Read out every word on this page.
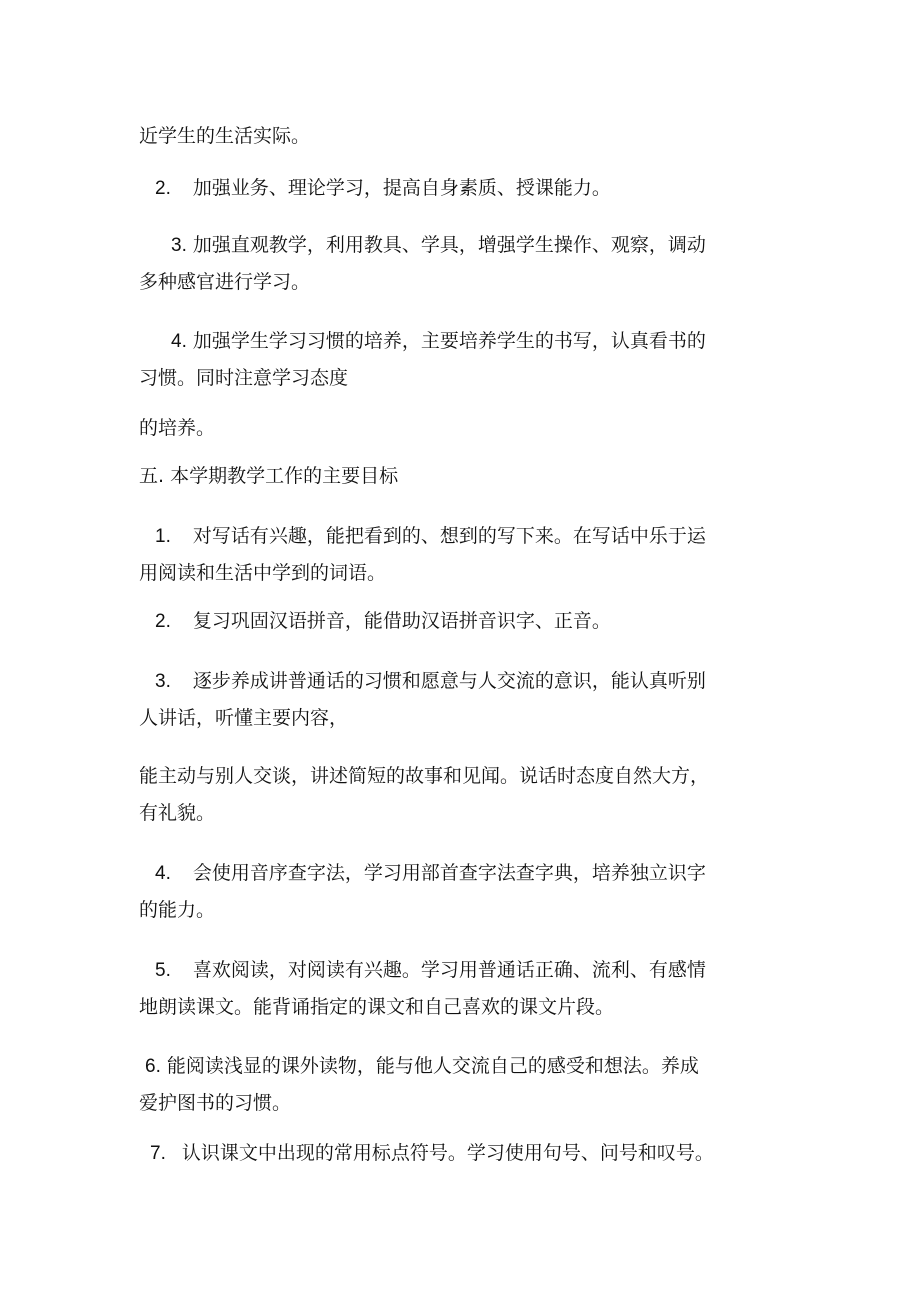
近学生的生活实际。
2. 加强业务、理论学习，提高自身素质、授课能力。
3. 加强直观教学，利用教具、学具，增强学生操作、观察，调动
多种感官进行学习。
4. 加强学生学习习惯的培养，主要培养学生的书写，认真看书的
习惯。同时注意学习态度
的培养。
五. 本学期教学工作的主要目标
1. 对写话有兴趣，能把看到的、想到的写下来。在写话中乐于运
用阅读和生活中学到的词语。
2. 复习巩固汉语拼音，能借助汉语拼音识字、正音。
3. 逐步养成讲普通话的习惯和愿意与人交流的意识，能认真听别
人讲话，听懂主要内容，
能主动与别人交谈，讲述简短的故事和见闻。说话时态度自然大方，
有礼貌。
4. 会使用音序查字法，学习用部首查字法查字典，培养独立识字
的能力。
5. 喜欢阅读，对阅读有兴趣。学习用普通话正确、流利、有感情
地朗读课文。能背诵指定的课文和自己喜欢的课文片段。
6. 能阅读浅显的课外读物，能与他人交流自己的感受和想法。养成
爱护图书的习惯。
7. 认识课文中出现的常用标点符号。学习使用句号、问号和叹号。
